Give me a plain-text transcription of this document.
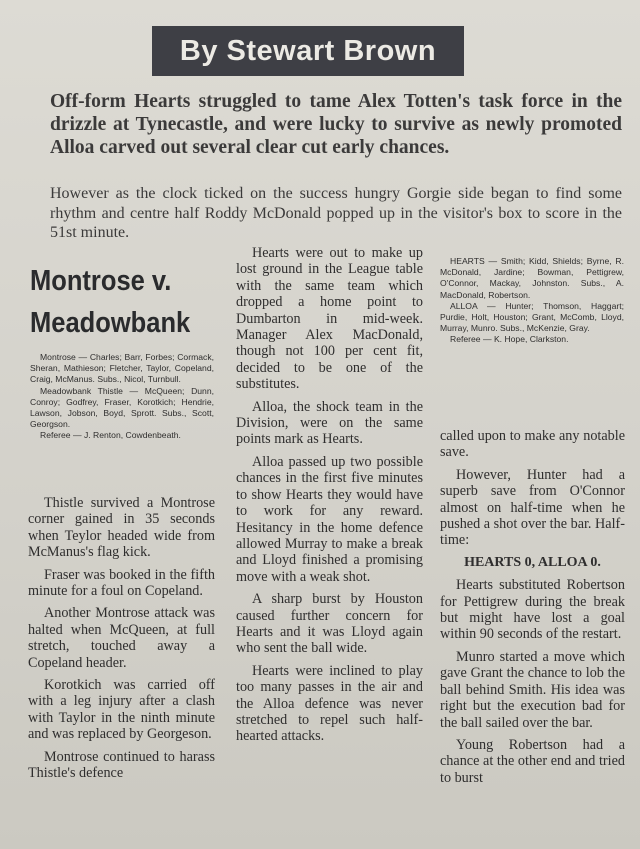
By Stewart Brown
Off-form Hearts struggled to tame Alex Totten's task force in the drizzle at Tynecastle, and were lucky to survive as newly promoted Alloa carved out several clear cut early chances.
However as the clock ticked on the success hungry Gorgie side began to find some rhythm and centre half Roddy McDonald popped up in the visitor's box to score in the 51st minute.
Montrose v.
Meadowbank

Montrose — Charles; Barr, Forbes; Cormack, Sheran, Mathieson; Fletcher, Taylor, Copeland, Craig, McManus. Subs., Nicol, Turnbull.

Meadowbank Thistle — McQueen; Dunn, Conroy; Godfrey, Fraser, Korotkich; Hendrie, Lawson, Jobson, Boyd, Sprott. Subs., Scott, Georgson.

Referee — J. Renton, Cowdenbeath.

Thistle survived a Montrose corner gained in 35 seconds when Teylor headed wide from McManus's flag kick.

Fraser was booked in the fifth minute for a foul on Copeland.

Another Montrose attack was halted when McQueen, at full stretch, touched away a Copeland header.

Korotkich was carried off with a leg injury after a clash with Taylor in the ninth minute and was replaced by Georgeson.

Montrose continued to harass Thistle's defence

Hearts were out to make up lost ground in the League table with the same team which dropped a home point to Dumbarton in mid-week. Manager Alex MacDonald, though not 100 per cent fit, decided to be one of the substitutes.

Alloa, the shock team in the Division, were on the same points mark as Hearts.

Alloa passed up two possible chances in the first five minutes to show Hearts they would have to work for any reward. Hesitancy in the home defence allowed Murray to make a break and Lloyd finished a promising move with a weak shot.

A sharp burst by Houston caused further concern for Hearts and it was Lloyd again who sent the ball wide.

Hearts were inclined to play too many passes in the air and the Alloa defence was never stretched to repel such half-hearted attacks.

HEARTS — Smith; Kidd, Shields; Byrne, R. McDonald, Jardine; Bowman, Pettigrew, O'Connor, Mackay, Johnston. Subs., A. MacDonald, Robertson.

ALLOA — Hunter; Thomson, Haggart; Purdie, Holt, Houston; Grant, McComb, Lloyd, Murray, Munro. Subs., McKenzie, Gray.

Referee — K. Hope, Clarkston.

called upon to make any notable save.

However, Hunter had a superb save from O'Connor almost on half-time when he pushed a shot over the bar. Half-time:

HEARTS 0, ALLOA 0.

Hearts substituted Robertson for Pettigrew during the break but might have lost a goal within 90 seconds of the restart.

Munro started a move which gave Grant the chance to lob the ball behind Smith. His idea was right but the execution bad for the ball sailed over the bar.

Young Robertson had a chance at the other end and tried to burst
